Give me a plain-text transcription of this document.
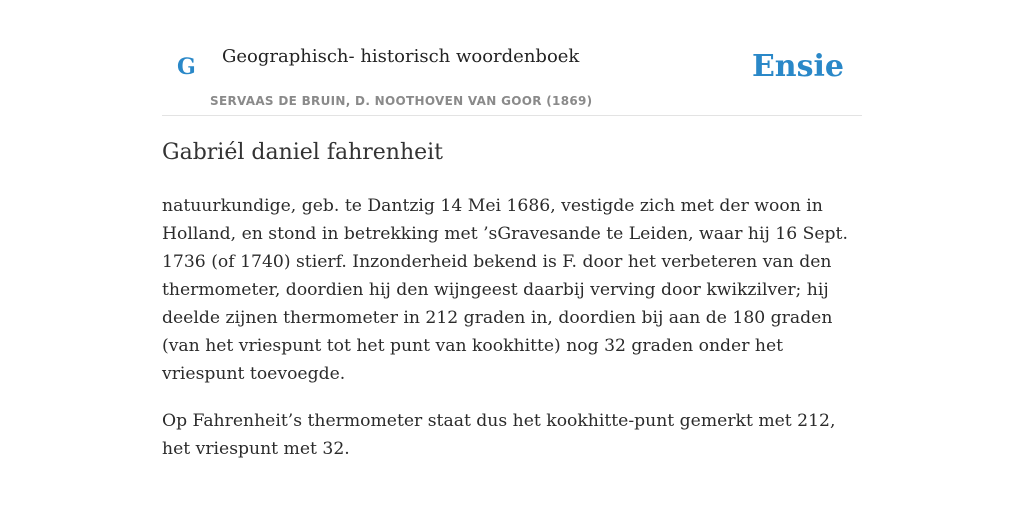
G Geographisch- historisch woordenboek
SERVAAS DE BRUIN, D. NOOTHOVEN VAN GOOR (1869)
Ensie
Gabriél daniel fahrenheit

natuurkundige, geb. te Dantzig 14 Mei 1686, vestigde zich met der woon in Holland, en stond in betrekking met ’sGravesande te Leiden, waar hij 16 Sept. 1736 (of 1740) stierf. Inzonderheid bekend is F. door het verbeteren van den thermometer, doordien hij den wijngeest daarbij verving door kwikzilver; hij deelde zijnen thermometer in 212 graden in, doordien bij aan de 180 graden (van het vriespunt tot het punt van kookhitte) nog 32 graden onder het vriespunt toevoegde.

Op Fahrenheit’s thermometer staat dus het kookhitte-punt gemerkt met 212, het vriespunt met 32.
